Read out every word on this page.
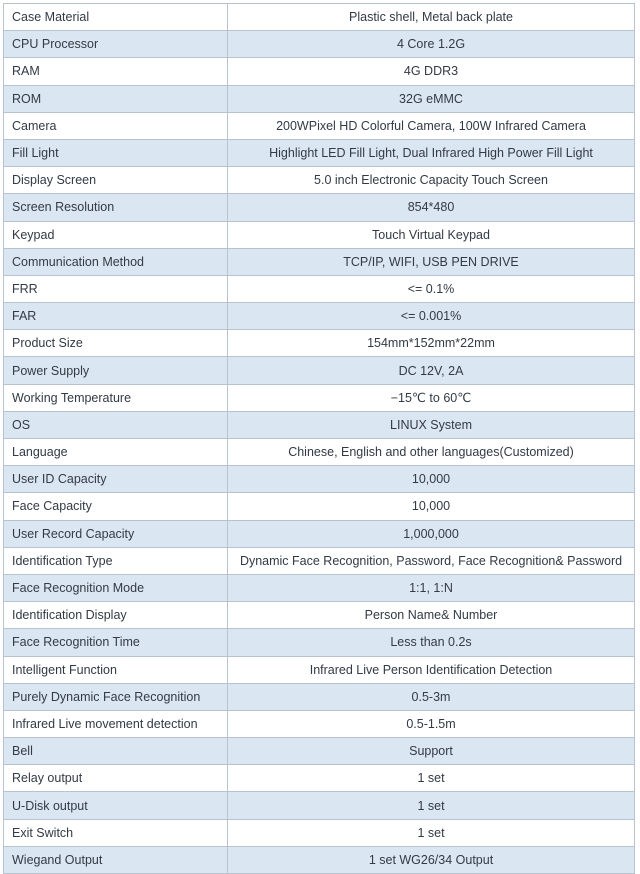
Case Material	Plastic shell, Metal back plate
CPU Processor	4 Core 1.2G
RAM	4G DDR3
ROM	32G eMMC
Camera	200WPixel HD Colorful Camera, 100W Infrared Camera
Fill Light	Highlight LED Fill Light, Dual Infrared High Power Fill Light
Display Screen	5.0 inch Electronic Capacity Touch Screen
Screen Resolution	854*480
Keypad	Touch Virtual Keypad
Communication Method	TCP/IP, WIFI, USB PEN DRIVE
FRR	<= 0.1%
FAR	<= 0.001%
Product Size	154mm*152mm*22mm
Power Supply	DC 12V, 2A
Working Temperature	−15℃ to 60℃
OS	LINUX System
Language	Chinese, English and other languages(Customized)
User ID Capacity	10,000
Face Capacity	10,000
User Record Capacity	1,000,000
Identification Type	Dynamic Face Recognition, Password, Face Recognition& Password
Face Recognition Mode	1:1, 1:N
Identification Display	Person Name& Number
Face Recognition Time	Less than 0.2s
Intelligent Function	Infrared Live Person Identification Detection
Purely Dynamic Face Recognition	0.5-3m
Infrared Live movement detection	0.5-1.5m
Bell	Support
Relay output	1 set
U-Disk output	1 set
Exit Switch	1 set
Wiegand Output	1 set WG26/34 Output
